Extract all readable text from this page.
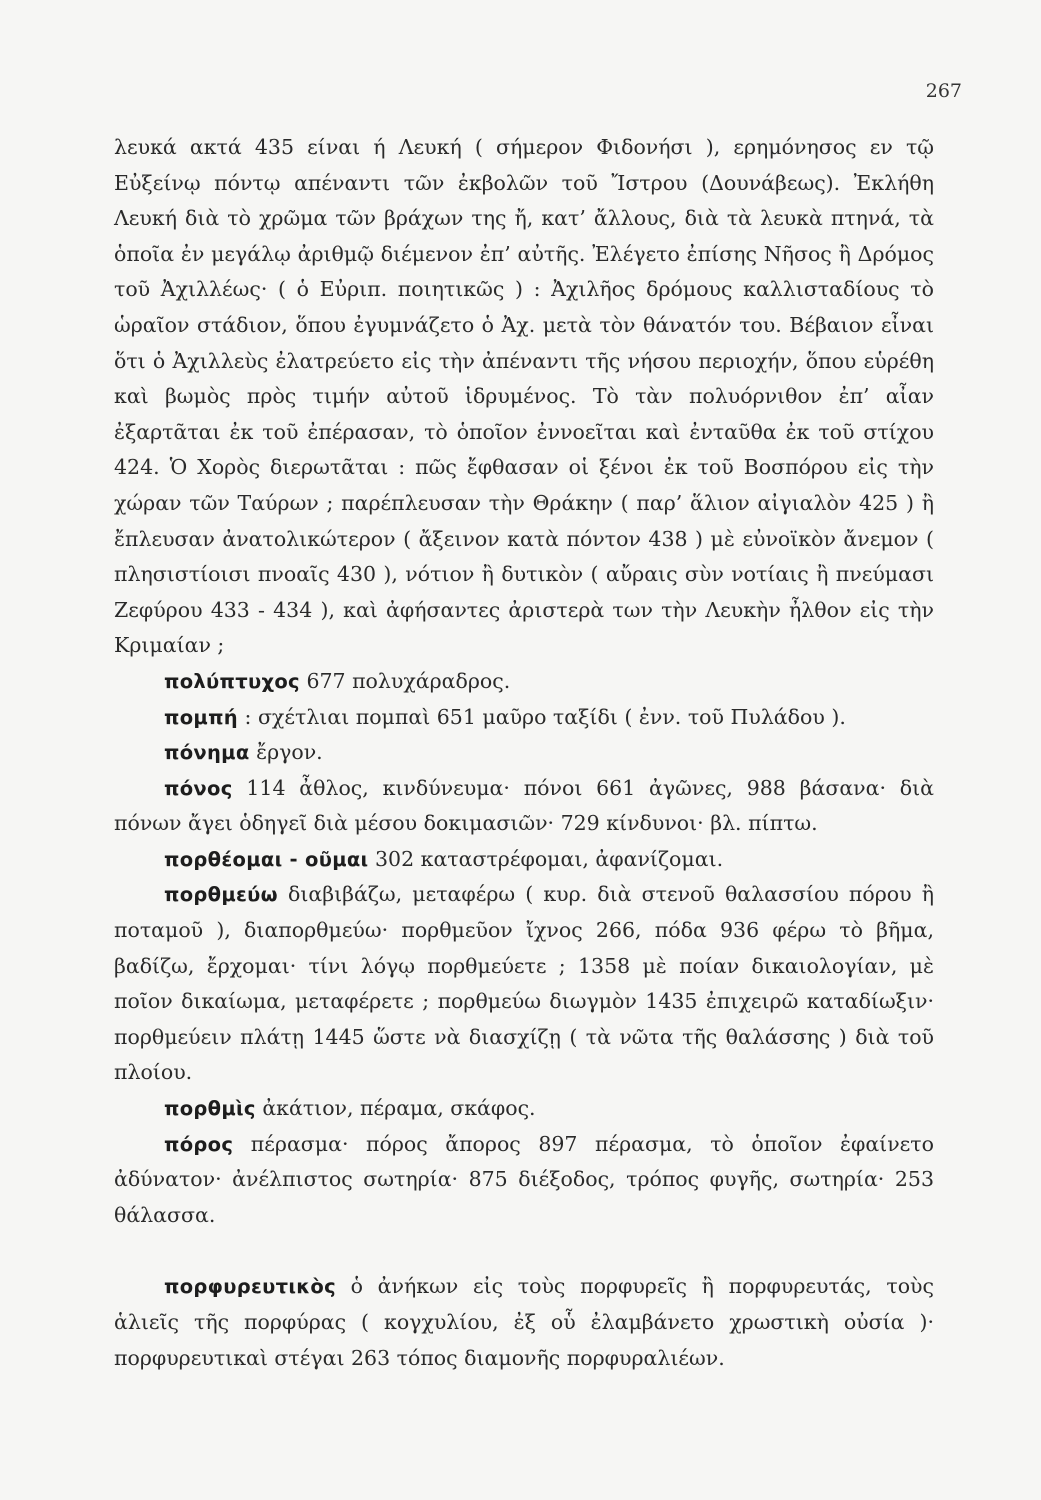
267

λευκά ακτά 435 είναι ή Λευκή ( σήμερον Φιδονήσι ), ερημόνησος εν τῷ Εὐξείνῳ πόντῳ απέναντι τῶν ἐκβολῶν τοῦ Ἴστρου (Δουνάβεως). Ἐκλήθη Λευκή διὰ τὸ χρῶμα τῶν βράχων της ἤ, κατ’ ἄλλους, διὰ τὰ λευκὰ πτηνά, τὰ ὁποῖα ἐν μεγάλῳ ἀριθμῷ διέμενον ἐπ’ αὐτῆς. Ἐλέγετο ἐπίσης Νῆσος ἢ Δρόμος τοῦ Ἀχιλλέως· ( ὁ Εὐριπ. ποιητικῶς ) : Ἀχιλῆος δρόμους καλλισταδίους τὸ ὡραῖον στάδιον, ὅπου ἐγυμνάζετο ὁ Ἀχ. μετὰ τὸν θάνατόν του. Βέβαιον εἶναι ὅτι ὁ Ἀχιλλεὺς ἐλατρεύετο εἰς τὴν ἀπέναντι τῆς νήσου περιοχήν, ὅπου εὑρέθη καὶ βωμὸς πρὸς τιμήν αὐτοῦ ἱδρυμένος. Τὸ τὰν πολυόρνιθον ἐπ’ αἶαν ἐξαρτᾶται ἐκ τοῦ ἐπέρασαν, τὸ ὁποῖον ἐννοεῖται καὶ ἐνταῦθα ἐκ τοῦ στίχου 424. Ὁ Χορὸς διερωτᾶται : πῶς ἔφθασαν οἱ ξένοι ἐκ τοῦ Βοσπόρου εἰς τὴν χώραν τῶν Ταύρων ; παρέπλευσαν τὴν Θράκην ( παρ’ ἅλιον αἰγιαλὸν 425 ) ἢ ἔπλευσαν ἀνατολικώτερον ( ἄξεινον κατὰ πόντον 438 ) μὲ εὐνοϊκὸν ἄνεμον ( πλησιστίοισι πνοαῖς 430 ), νότιον ἢ δυτικὸν ( αὔραις σὺν νοτίαις ἢ πνεύμασι Ζεφύρου 433 - 434 ), καὶ ἀφήσαντες ἀριστερὰ των τὴν Λευκὴν ἦλθον εἰς τὴν Κριμαίαν ;

πολύπτυχος 677 πολυχάραδρος.

πομπή : σχέτλιαι πομπαὶ 651 μαῦρο ταξίδι ( ἐνν. τοῦ Πυλάδου ).

πόνημα ἔργον.

πόνος 114 ἆθλος, κινδύνευμα· πόνοι 661 ἀγῶνες, 988 βάσανα· διὰ πόνων ἄγει ὁδηγεῖ διὰ μέσου δοκιμασιῶν· 729 κίνδυνοι· βλ. πίπτω.

πορθέομαι - οῦμαι 302 καταστρέφομαι, ἀφανίζομαι.

πορθμεύω διαβιβάζω, μεταφέρω ( κυρ. διὰ στενοῦ θαλασσίου πόρου ἢ ποταμοῦ ), διαπορθμεύω· πορθμεῦον ἴχνος 266, πόδα 936 φέρω τὸ βῆμα, βαδίζω, ἔρχομαι· τίνι λόγῳ πορθμεύετε ; 1358 μὲ ποίαν δικαιολογίαν, μὲ ποῖον δικαίωμα, μεταφέρετε ; πορθμεύω διωγμὸν 1435 ἐπιχειρῶ καταδίωξιν· πορθμεύειν πλάτῃ 1445 ὥστε νὰ διασχίζῃ ( τὰ νῶτα τῆς θαλάσσης ) διὰ τοῦ πλοίου.

πορθμὶς ἀκάτιον, πέραμα, σκάφος.

πόρος πέρασμα· πόρος ἄπορος 897 πέρασμα, τὸ ὁποῖον ἐφαίνετο ἀδύνατον· ἀνέλπιστος σωτηρία· 875 διέξοδος, τρόπος φυγῆς, σωτηρία· 253 θάλασσα.

πορφυρευτικὸς ὁ ἀνήκων εἰς τοὺς πορφυρεῖς ἢ πορφυρευτάς, τοὺς ἁλιεῖς τῆς πορφύρας ( κογχυλίου, ἐξ οὗ ἐλαμβάνετο χρωστικὴ οὐσία )· πορφυρευτικαὶ στέγαι 263 τόπος διαμονῆς πορφυραλιέων.
